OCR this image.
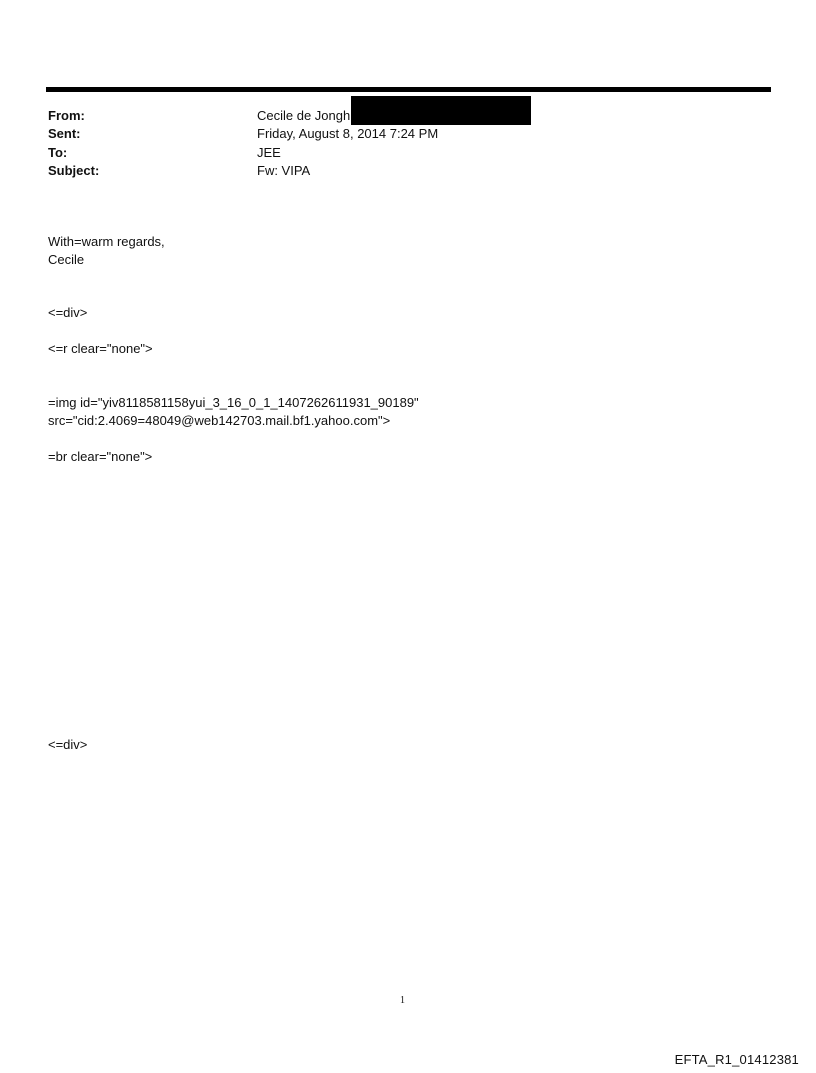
From:	Cecile de Jongh
Sent:	Friday, August 8, 2014 7:24 PM
To:	JEE
Subject:	Fw: VIPA
With=warm regards,
Cecile
<=div>
<=r clear="none">
=img id="yiv8118581158yui_3_16_0_1_1407262611931_90189"
src="cid:2.4069=48049@web142703.mail.bf1.yahoo.com">
=br clear="none">
<=div>
1
EFTA_R1_01412381
